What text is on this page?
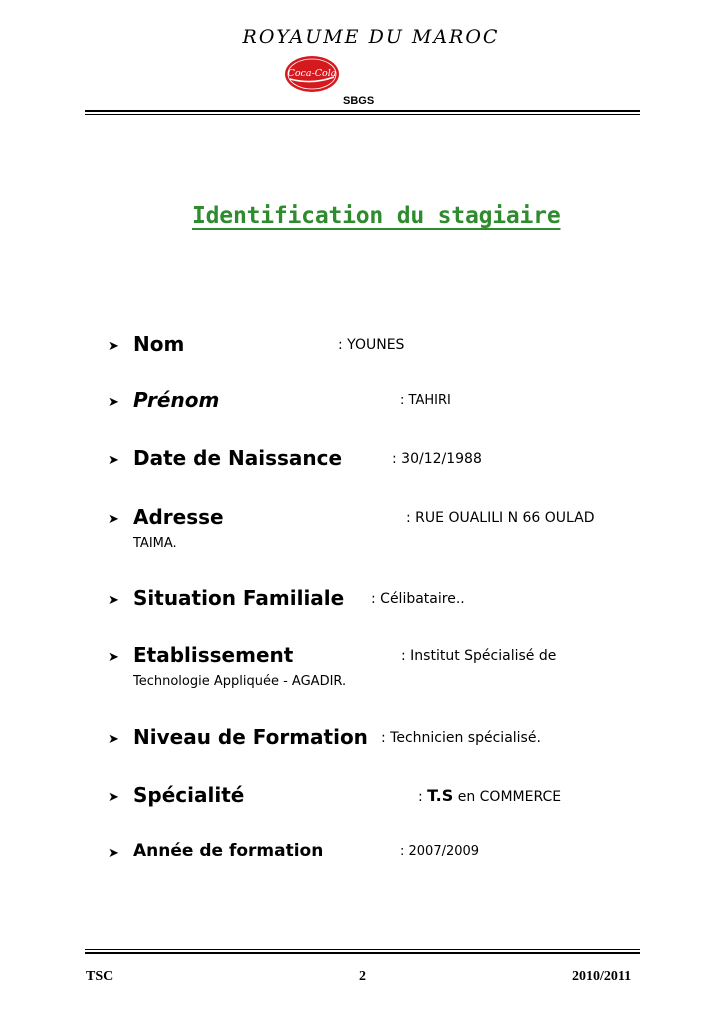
ROYAUME DU MAROC
Coca-Cola
SBGS
Identification du stagiaire
➤ Nom	: YOUNES
➤ Prénom	: TAHIRI
➤ Date de Naissance	: 30/12/1988
➤ Adresse	: RUE OUALILI N 66 OULAD
TAIMA.
➤ Situation Familiale : Célibataire..
➤ Etablissement	: Institut Spécialisé de
Technologie Appliquée - AGADIR.
➤ Niveau de Formation : Technicien spécialisé.
➤ Spécialité	: T.S en COMMERCE
➤ Année de formation	: 2007/2009
TSC	2	2010/2011
